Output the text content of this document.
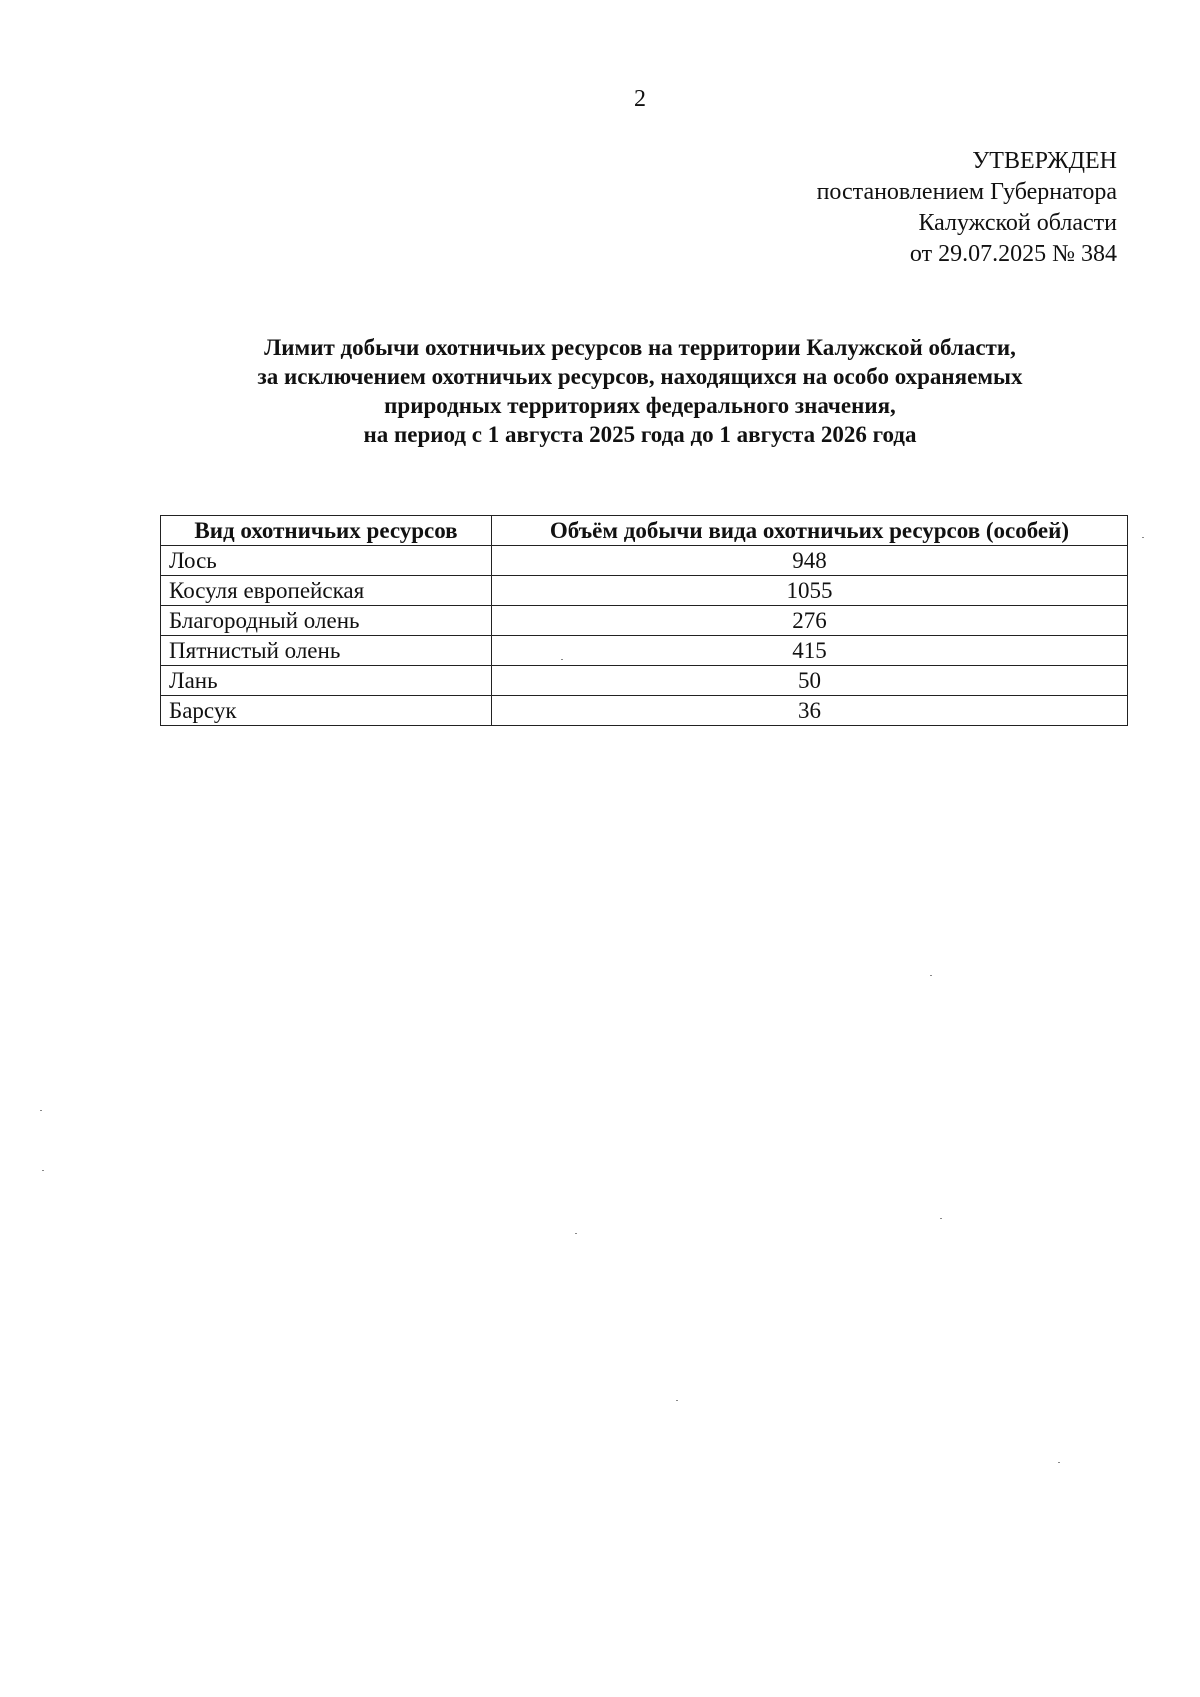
2
УТВЕРЖДЕН
постановлением Губернатора
Калужской области
от 29.07.2025 № 384
Лимит добычи охотничьих ресурсов на территории Калужской области,
за исключением охотничьих ресурсов, находящихся на особо охраняемых
природных территориях федерального значения,
на период с 1 августа 2025 года до 1 августа 2026 года
Вид охотничьих ресурсов	Объём добычи вида охотничьих ресурсов (особей)
Лось	948
Косуля европейская	1055
Благородный олень	276
Пятнистый олень	415
Лань	50
Барсук	36
